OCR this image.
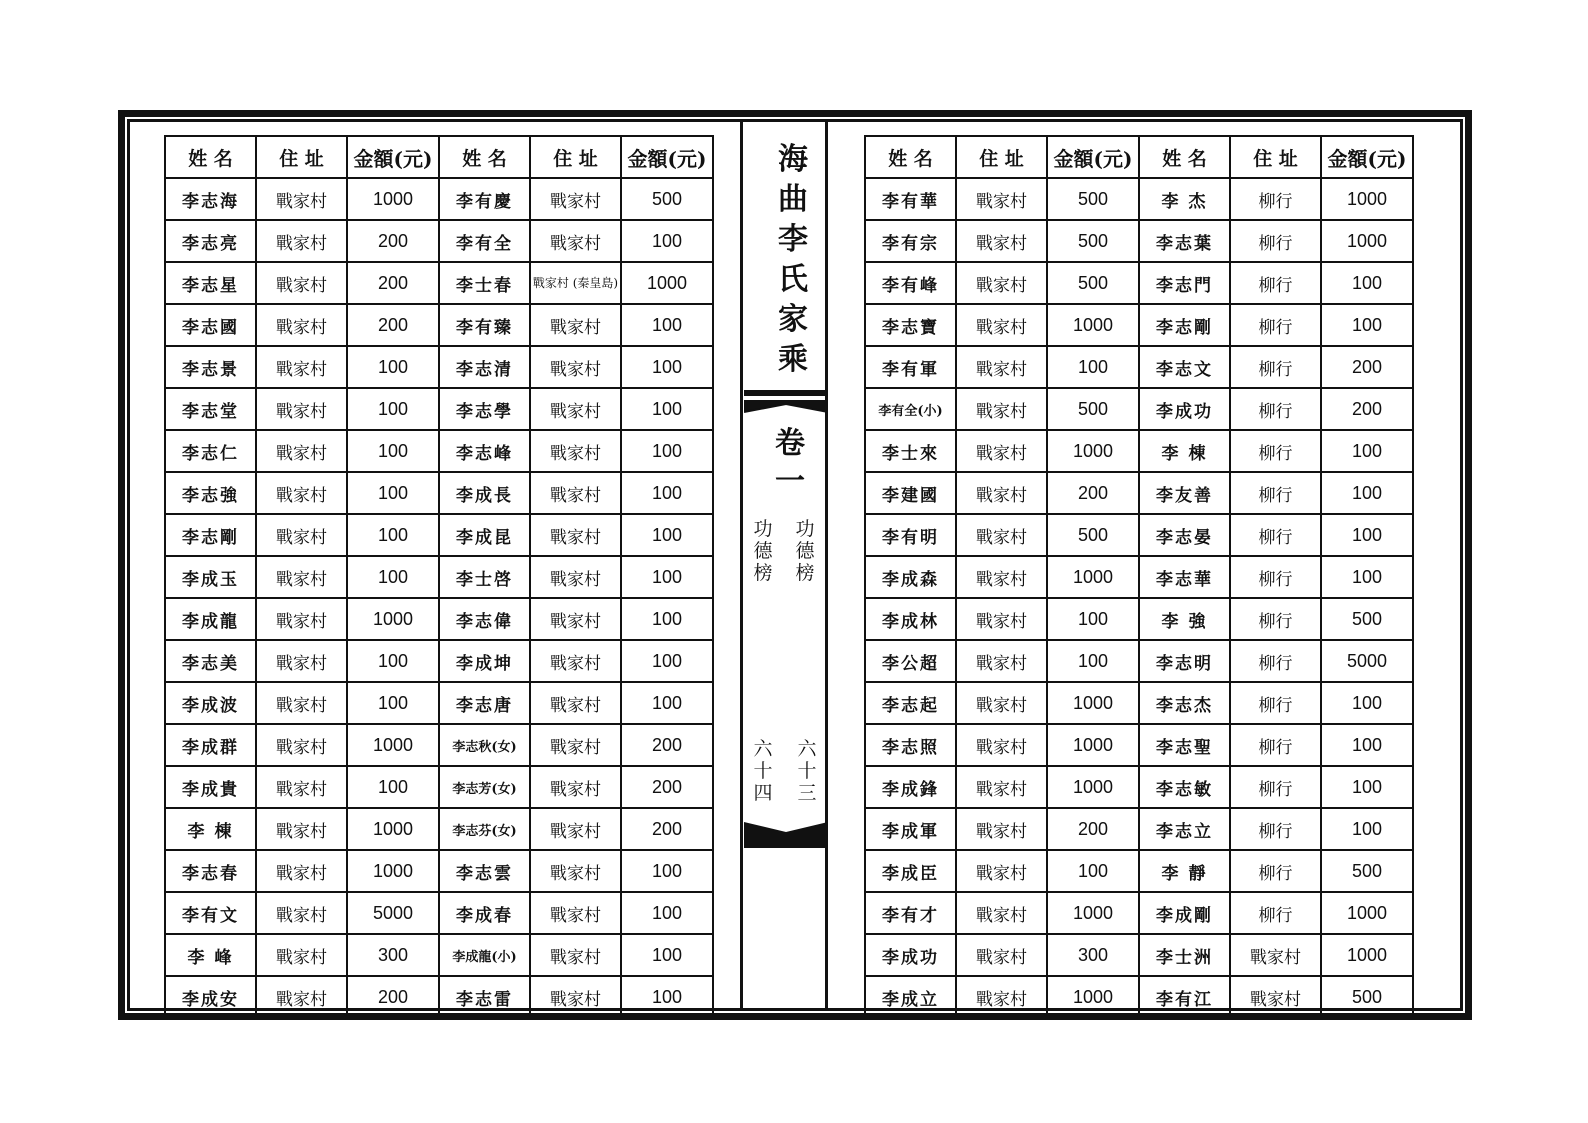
姓 名	住 址	金額(元)	姓 名	住 址	金額(元)
李志海	戰家村	1000	李有慶	戰家村	500
李志亮	戰家村	200	李有全	戰家村	100
李志星	戰家村	200	李士春	戰家村 (秦皇島)	1000
李志國	戰家村	200	李有臻	戰家村	100
李志景	戰家村	100	李志清	戰家村	100
李志堂	戰家村	100	李志學	戰家村	100
李志仁	戰家村	100	李志峰	戰家村	100
李志強	戰家村	100	李成長	戰家村	100
李志剛	戰家村	100	李成昆	戰家村	100
李成玉	戰家村	100	李士啓	戰家村	100
李成龍	戰家村	1000	李志偉	戰家村	100
李志美	戰家村	100	李成坤	戰家村	100
李成波	戰家村	100	李志唐	戰家村	100
李成群	戰家村	1000	李志秋(女)	戰家村	200
李成貴	戰家村	100	李志芳(女)	戰家村	200
李 棟	戰家村	1000	李志芬(女)	戰家村	200
李志春	戰家村	1000	李志雲	戰家村	100
李有文	戰家村	5000	李成春	戰家村	100
李 峰	戰家村	300	李成龍(小)	戰家村	100
李成安	戰家村	200	李志雷	戰家村	100
海
曲
李
氏
家
乘
卷
一
功
德
榜
功
德
榜
六
十
三
六
十
四
姓 名	住 址	金額(元)	姓 名	住 址	金額(元)
李有華	戰家村	500	李 杰	柳行	1000
李有宗	戰家村	500	李志葉	柳行	1000
李有峰	戰家村	500	李志門	柳行	100
李志寶	戰家村	1000	李志剛	柳行	100
李有軍	戰家村	100	李志文	柳行	200
李有全(小)	戰家村	500	李成功	柳行	200
李士來	戰家村	1000	李 棟	柳行	100
李建國	戰家村	200	李友善	柳行	100
李有明	戰家村	500	李志晏	柳行	100
李成森	戰家村	1000	李志華	柳行	100
李成林	戰家村	100	李 強	柳行	500
李公超	戰家村	100	李志明	柳行	5000
李志起	戰家村	1000	李志杰	柳行	100
李志照	戰家村	1000	李志聖	柳行	100
李成鋒	戰家村	1000	李志敏	柳行	100
李成軍	戰家村	200	李志立	柳行	100
李成臣	戰家村	100	李 靜	柳行	500
李有才	戰家村	1000	李成剛	柳行	1000
李成功	戰家村	300	李士洲	戰家村	1000
李成立	戰家村	1000	李有江	戰家村	500
